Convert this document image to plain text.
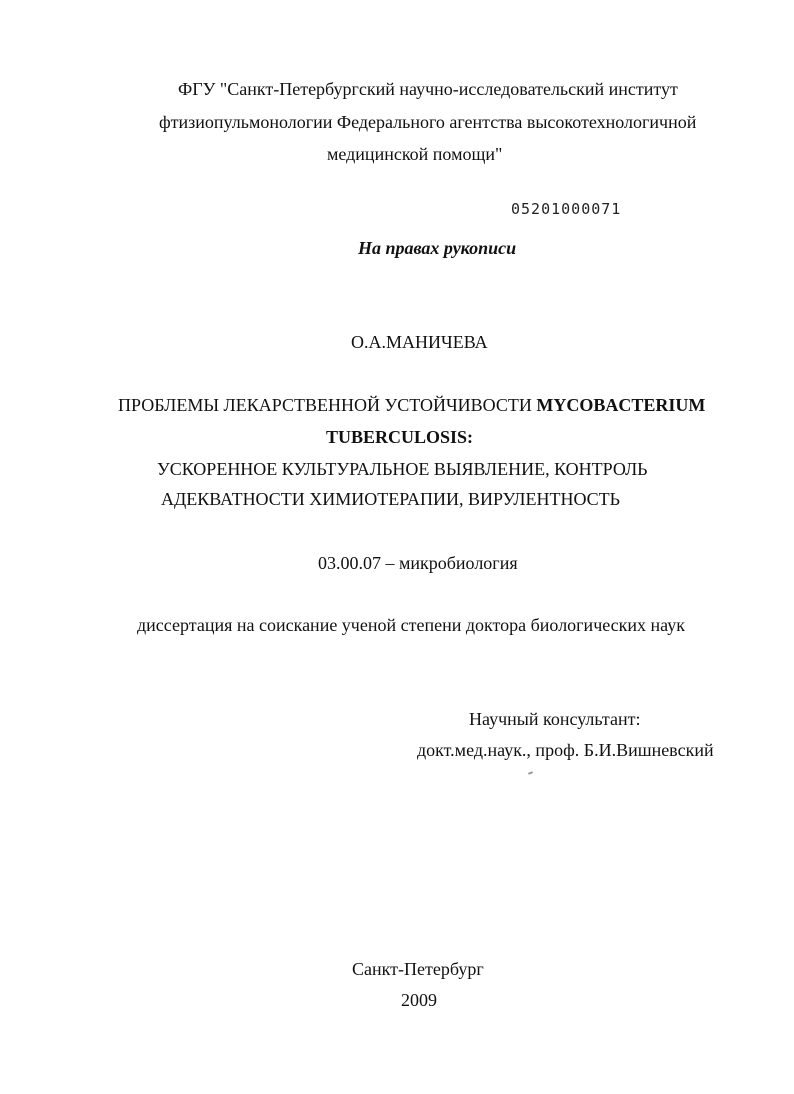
ФГУ "Санкт-Петербургский научно-исследовательский институт
фтизиопульмонологии Федерального агентства высокотехнологичной
медицинской помощи"
05201000071
На правах рукописи
О.А.МАНИЧЕВА
ПРОБЛЕМЫ ЛЕКАРСТВЕННОЙ УСТОЙЧИВОСТИ MYCOBACTERIUM
TUBERCULOSIS:
УСКОРЕННОЕ КУЛЬТУРАЛЬНОЕ ВЫЯВЛЕНИЕ, КОНТРОЛЬ
АДЕКВАТНОСТИ ХИМИОТЕРАПИИ, ВИРУЛЕНТНОСТЬ
03.00.07 – микробиология
диссертация на соискание ученой степени доктора биологических наук
Научный консультант:
докт.мед.наук., проф. Б.И.Вишневский
Санкт-Петербург
2009
